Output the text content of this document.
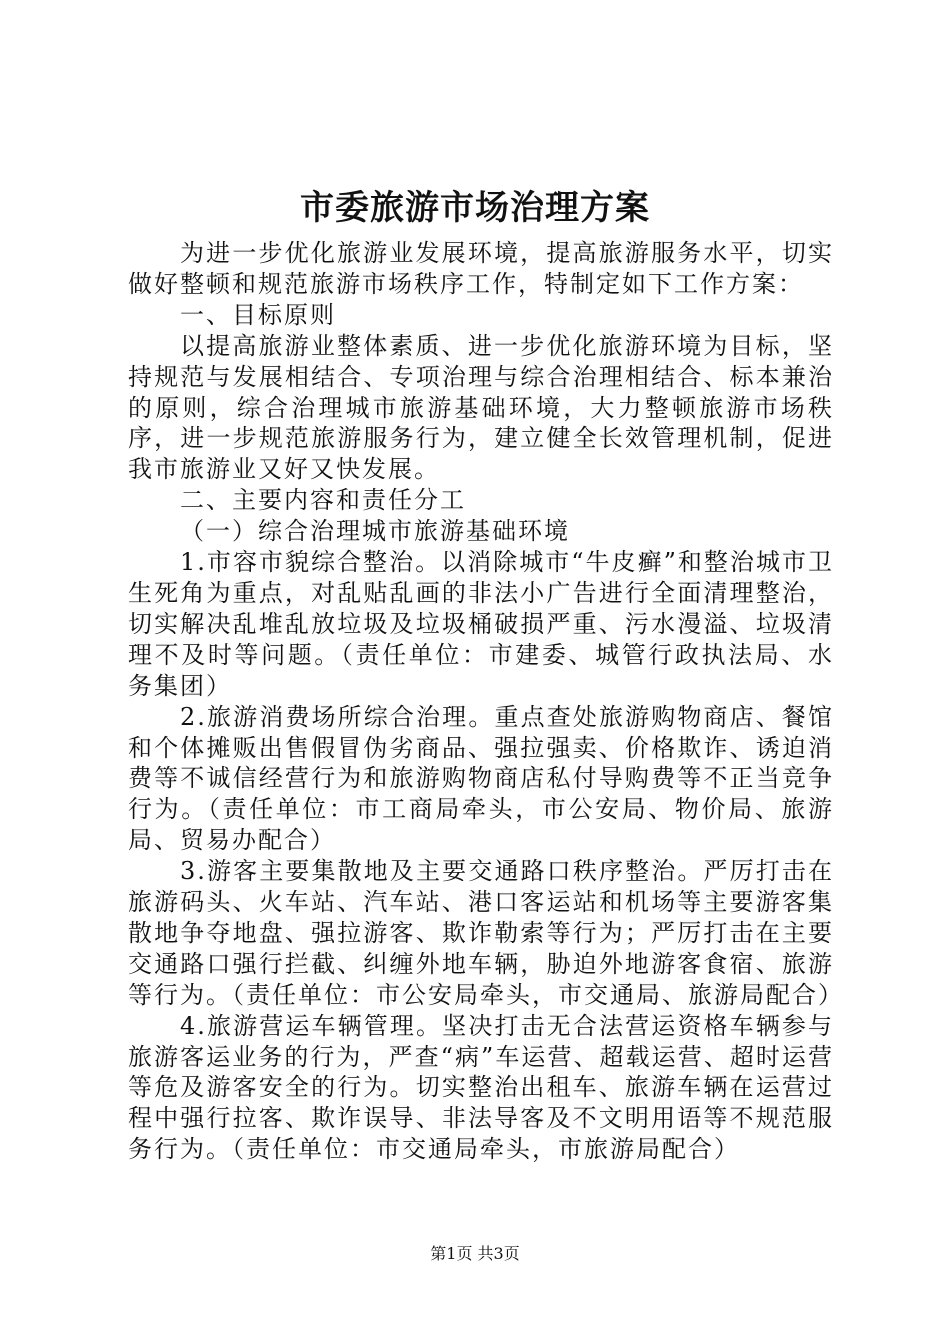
市委旅游市场治理方案

为进一步优化旅游业发展环境，提高旅游服务水平，切实做好整顿和规范旅游市场秩序工作，特制定如下工作方案：

一、目标原则

以提高旅游业整体素质、进一步优化旅游环境为目标，坚持规范与发展相结合、专项治理与综合治理相结合、标本兼治的原则，综合治理城市旅游基础环境，大力整顿旅游市场秩序，进一步规范旅游服务行为，建立健全长效管理机制，促进我市旅游业又好又快发展。

二、主要内容和责任分工

（一）综合治理城市旅游基础环境

1.市容市貌综合整治。以消除城市“牛皮癣”和整治城市卫生死角为重点，对乱贴乱画的非法小广告进行全面清理整治，切实解决乱堆乱放垃圾及垃圾桶破损严重、污水漫溢、垃圾清理不及时等问题。（责任单位：市建委、城管行政执法局、水务集团）

2.旅游消费场所综合治理。重点查处旅游购物商店、餐馆和个体摊贩出售假冒伪劣商品、强拉强卖、价格欺诈、诱迫消费等不诚信经营行为和旅游购物商店私付导购费等不正当竞争行为。（责任单位：市工商局牵头，市公安局、物价局、旅游局、贸易办配合）

3.游客主要集散地及主要交通路口秩序整治。严厉打击在旅游码头、火车站、汽车站、港口客运站和机场等主要游客集散地争夺地盘、强拉游客、欺诈勒索等行为；严厉打击在主要交通路口强行拦截、纠缠外地车辆，胁迫外地游客食宿、旅游等行为。（责任单位：市公安局牵头，市交通局、旅游局配合）

4.旅游营运车辆管理。坚决打击无合法营运资格车辆参与旅游客运业务的行为，严查“病”车运营、超载运营、超时运营等危及游客安全的行为。切实整治出租车、旅游车辆在运营过程中强行拉客、欺诈误导、非法导客及不文明用语等不规范服务行为。（责任单位：市交通局牵头，市旅游局配合）

第1页 共3页
